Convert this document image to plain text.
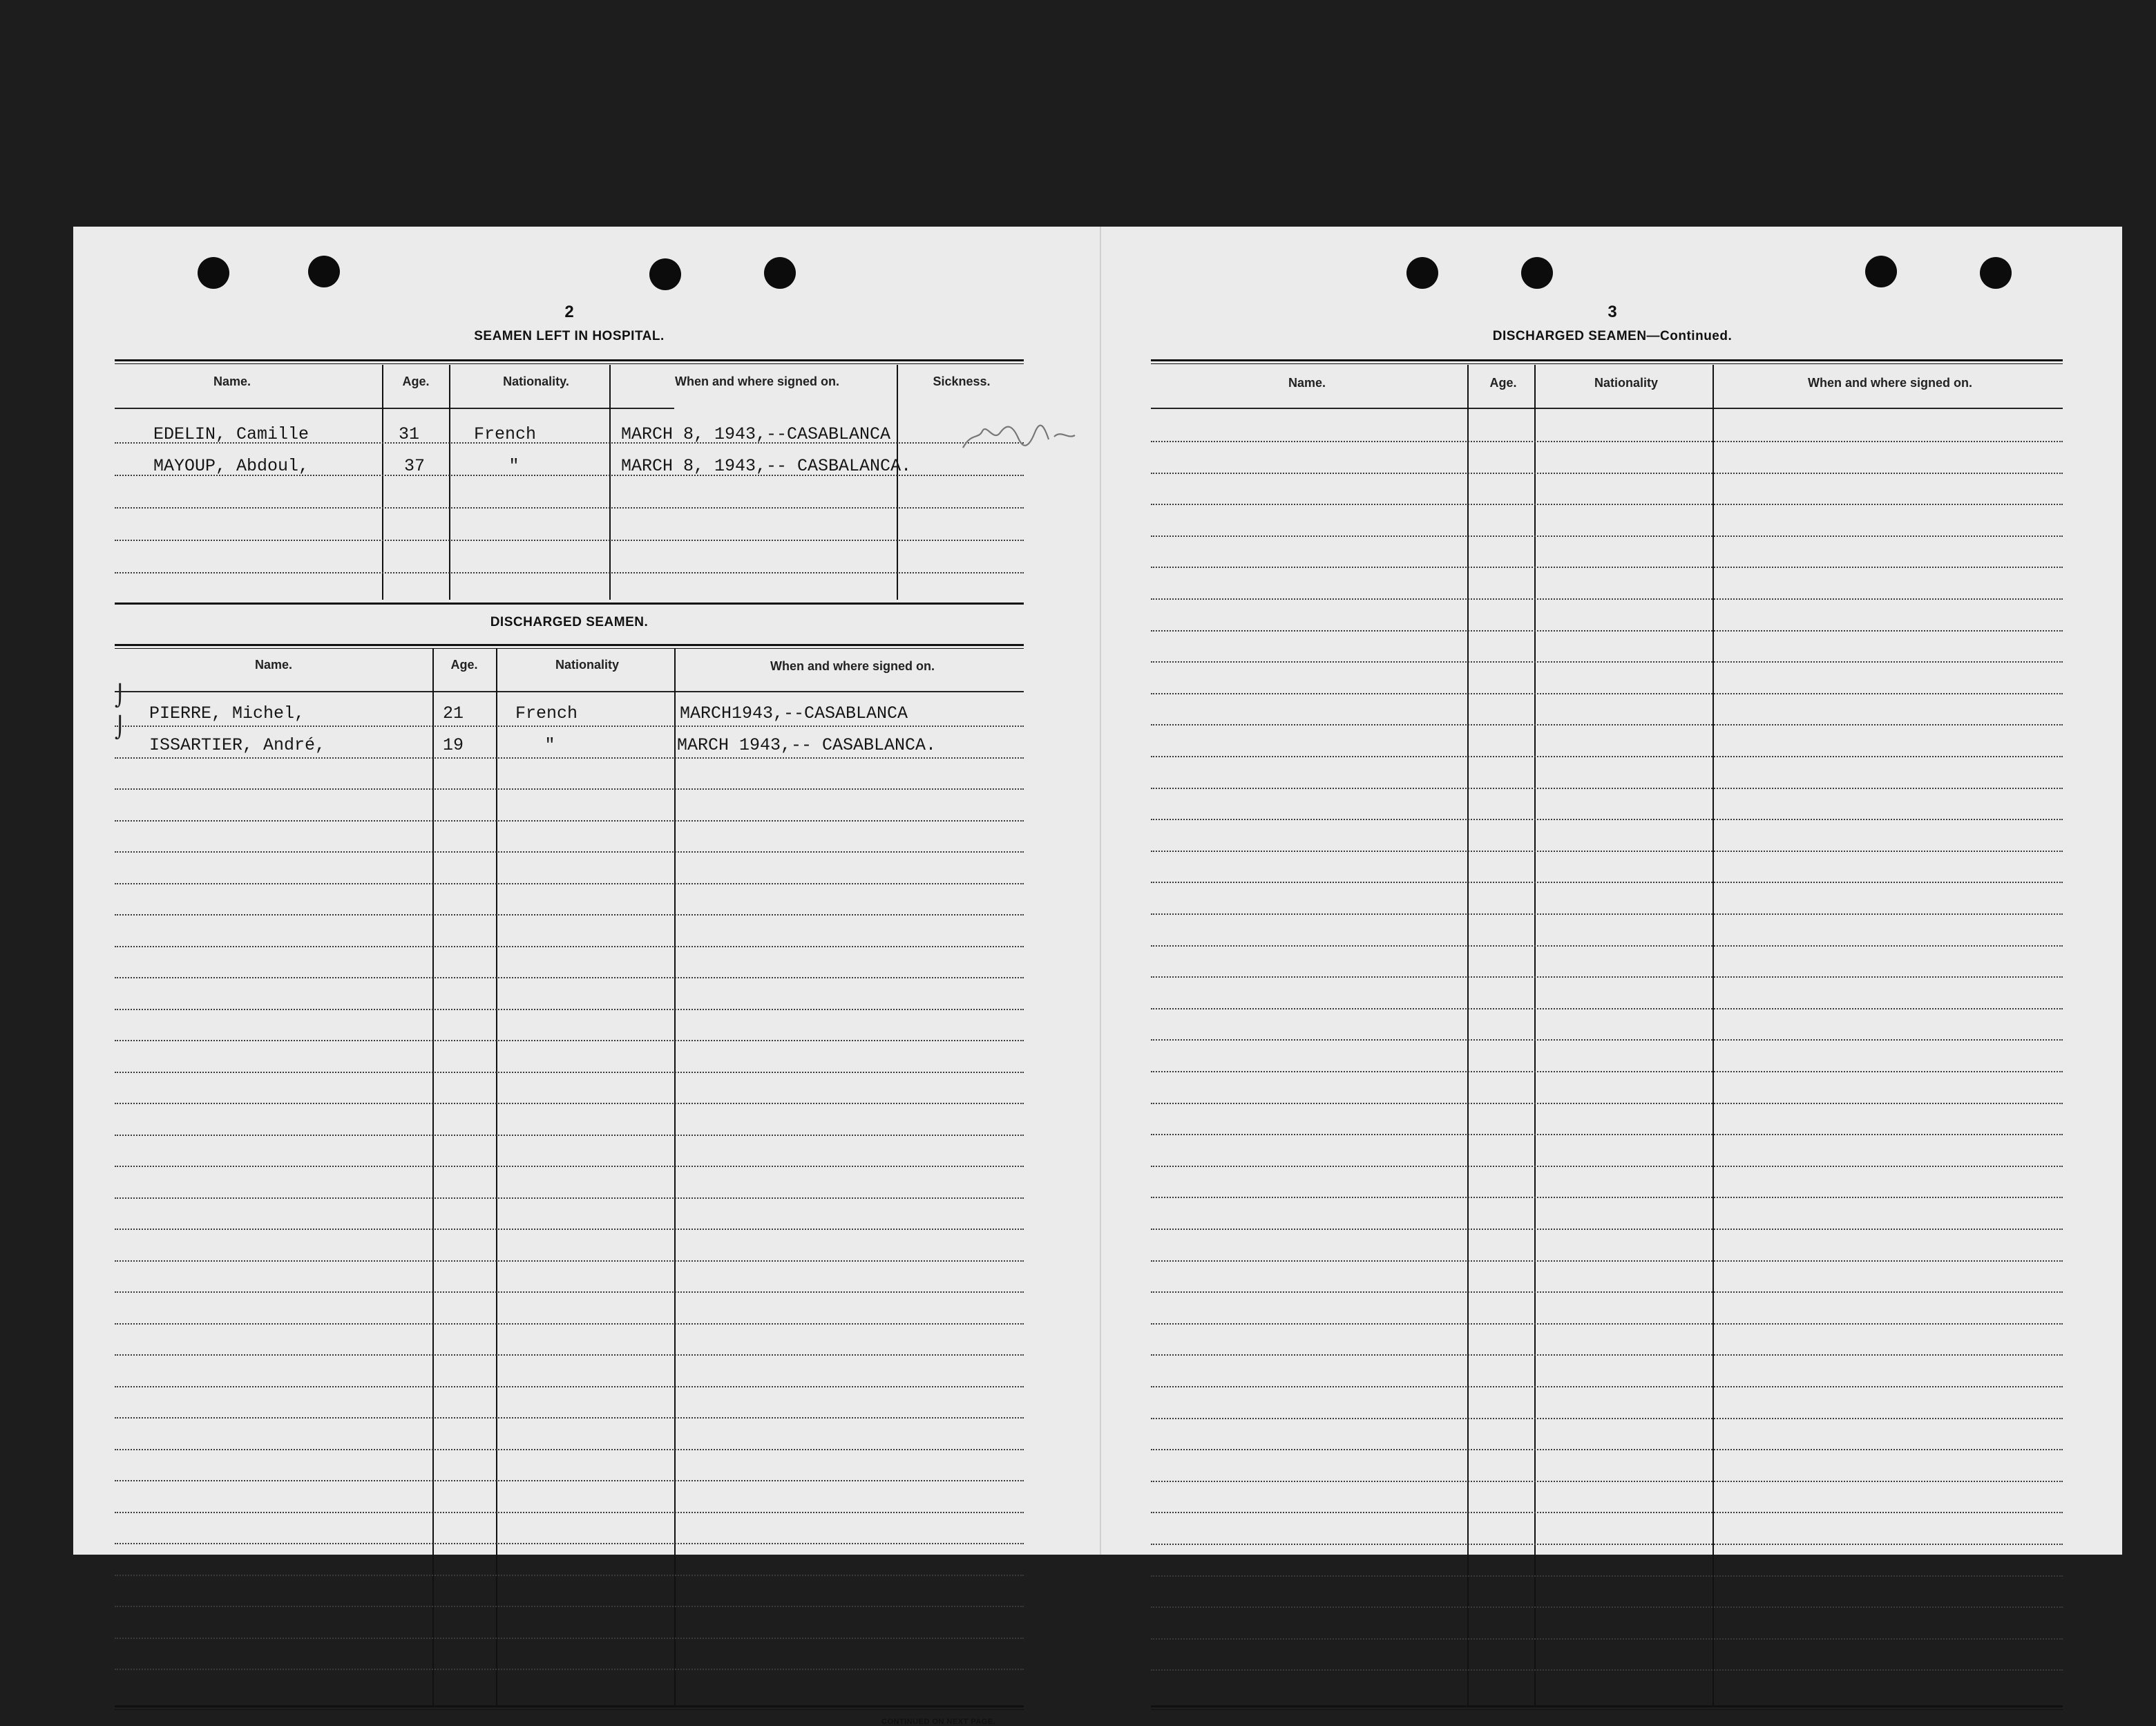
2
SEAMEN LEFT IN HOSPITAL.
Name.	Age.	Nationality.	When and where signed on.	Sickness.
EDELIN, Camille	31	French	MARCH 8, 1943,--CASABLANCA
MAYOUP, Abdoul,	37	"	MARCH 8, 1943,-- CASBALANCA.
DISCHARGED SEAMEN.
Name.	Age.	Nationality	When and where signed on.
⌡
⌡
PIERRE, Michel,	21	French	MARCH1943,--CASABLANCA
ISSARTIER, André,	19	"	MARCH 1943,-- CASABLANCA.
CONTINUED ON NEXT PAGE.
3
DISCHARGED SEAMEN—Continued.
Name.	Age.	Nationality	When and where signed on.
